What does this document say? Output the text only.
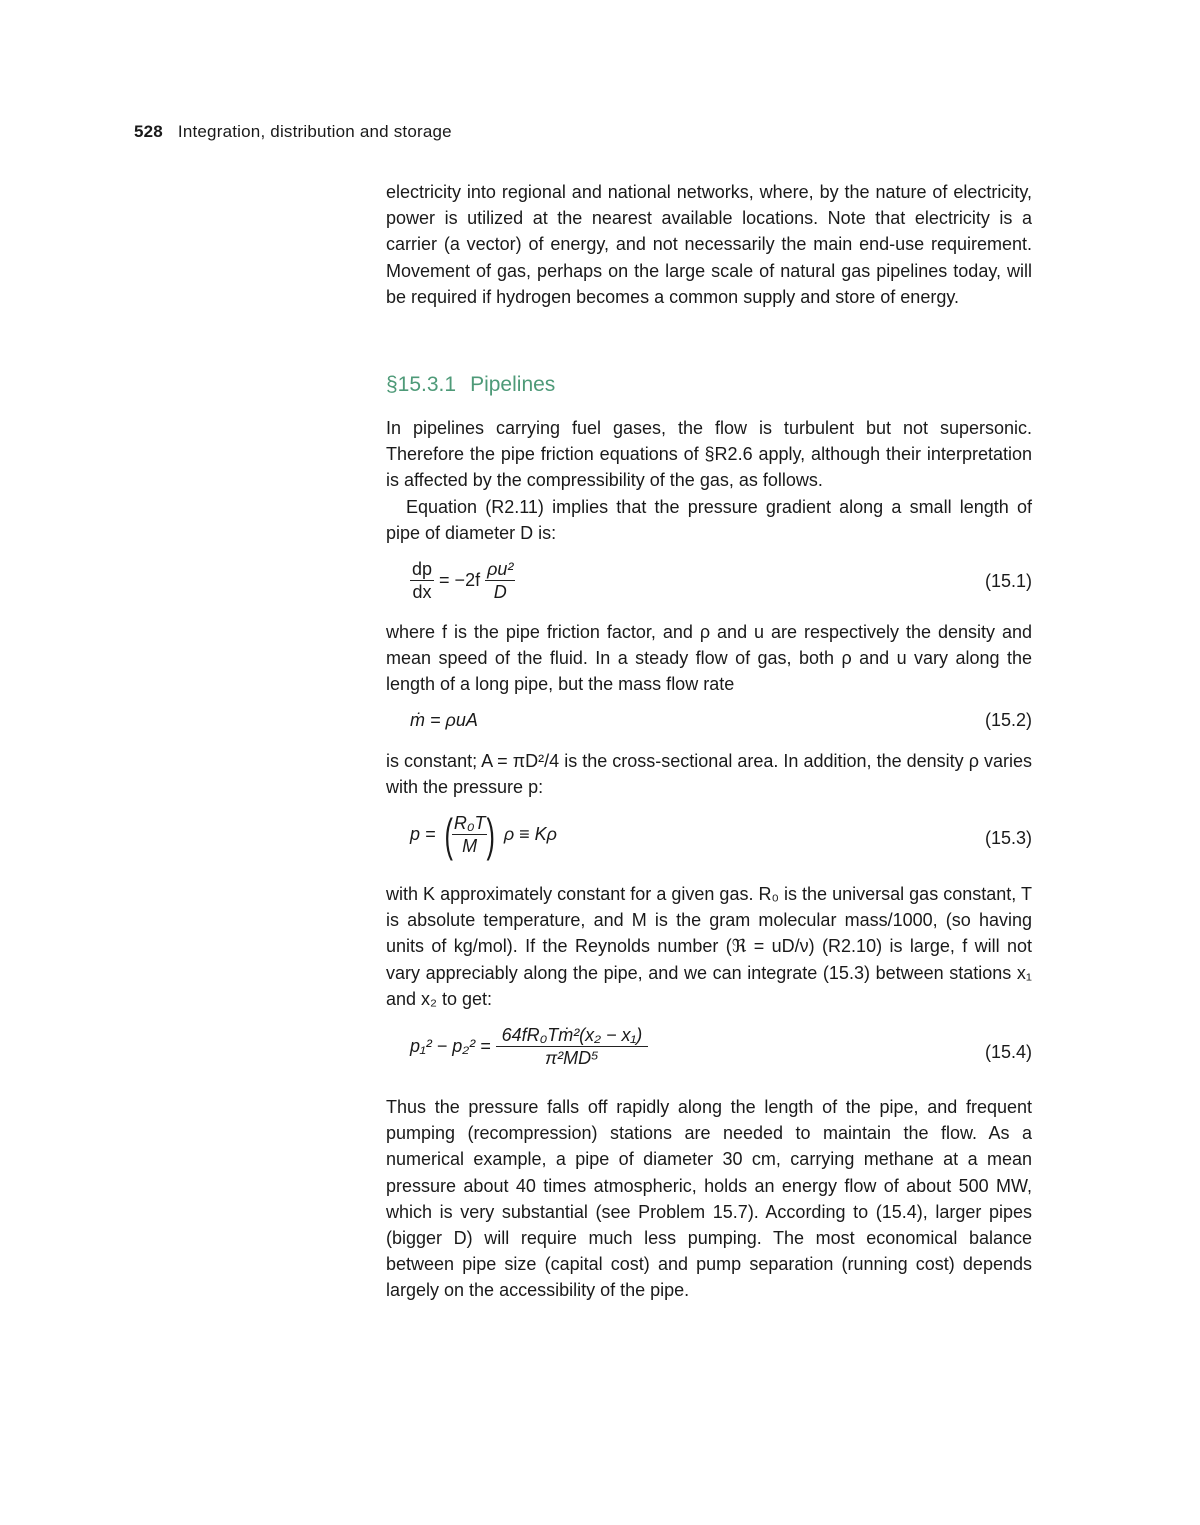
528 Integration, distribution and storage

electricity into regional and national networks, where, by the nature of electricity, power is utilized at the nearest available locations. Note that electricity is a carrier (a vector) of energy, and not necessarily the main end-use requirement. Movement of gas, perhaps on the large scale of natural gas pipelines today, will be required if hydrogen becomes a common supply and store of energy.

§15.3.1 Pipelines

In pipelines carrying fuel gases, the flow is turbulent but not supersonic. Therefore the pipe friction equations of §R2.6 apply, although their interpretation is affected by the compressibility of the gas, as follows.

Equation (R2.11) implies that the pressure gradient along a small length of pipe of diameter D is:

$\frac{dp}{dx} = -2f \frac{\text{ρu²}}{D}$	(15.1)

where f is the pipe friction factor, and ρ and u are respectively the density and mean speed of the fluid. In a steady flow of gas, both ρ and u vary along the length of a long pipe, but the mass flow rate

ṁ = ρuA	(15.2)

is constant; A = πD²/4 is the cross-sectional area. In addition, the density ρ varies with the pressure p:

p = ( $\frac{\text{R₀T}}{M}$ ) ρ ≡ Kρ	(15.3)

with K approximately constant for a given gas. R₀ is the universal gas constant, T is absolute temperature, and M is the gram molecular mass/1000, (so having units of kg/mol). If the Reynolds number (ℜ = uD/ν) (R2.10) is large, f will not vary appreciably along the pipe, and we can integrate (15.3) between stations x₁ and x₂ to get:

$p_1^2 - p_2^2 = \frac{\text{64fR₀Tṁ²(x₂ − x₁)}}{\text{π²MD⁵}}$	(15.4)

Thus the pressure falls off rapidly along the length of the pipe, and frequent pumping (recompression) stations are needed to maintain the flow. As a numerical example, a pipe of diameter 30 cm, carrying methane at a mean pressure about 40 times atmospheric, holds an energy flow of about 500 MW, which is very substantial (see Problem 15.7). According to (15.4), larger pipes (bigger D) will require much less pumping. The most economical balance between pipe size (capital cost) and pump separation (running cost) depends largely on the accessibility of the pipe.
